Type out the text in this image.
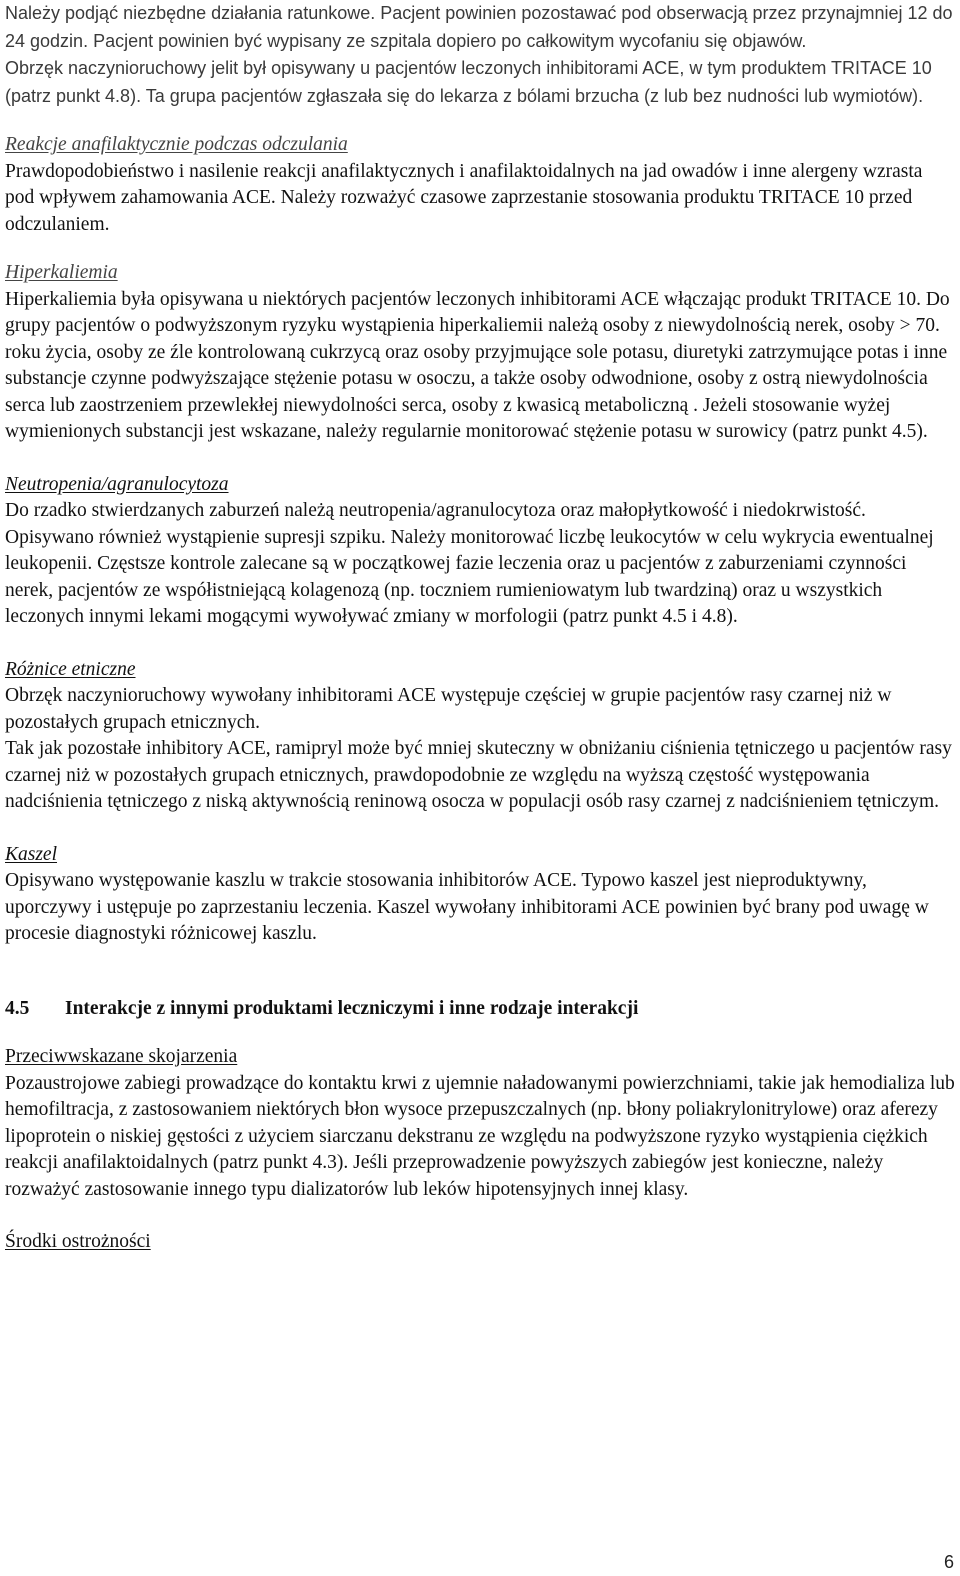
Należy podjąć niezbędne działania ratunkowe. Pacjent powinien pozostawać pod obserwacją przez przynajmniej 12 do 24 godzin. Pacjent powinien być wypisany ze szpitala dopiero po całkowitym wycofaniu się objawów.

Obrzęk naczynioruchowy jelit był opisywany u pacjentów leczonych inhibitorami ACE, w tym produktem TRITACE 10 (patrz punkt 4.8). Ta grupa pacjentów zgłaszała się do lekarza z bólami brzucha (z lub bez nudności lub wymiotów).

Reakcje anafilaktycznie podczas odczulania

Prawdopodobieństwo i nasilenie reakcji anafilaktycznych i anafilaktoidalnych na jad owadów i inne alergeny wzrasta pod wpływem zahamowania ACE. Należy rozważyć czasowe zaprzestanie stosowania produktu TRITACE 10 przed odczulaniem.

Hiperkaliemia

Hiperkaliemia była opisywana u niektórych pacjentów leczonych inhibitorami ACE włączając produkt TRITACE 10. Do grupy pacjentów o podwyższonym ryzyku wystąpienia hiperkaliemii należą osoby z niewydolnością nerek, osoby > 70. roku życia, osoby ze źle kontrolowaną cukrzycą oraz osoby przyjmujące sole potasu, diuretyki zatrzymujące potas i inne substancje czynne podwyższające stężenie potasu w osoczu, a także osoby odwodnione, osoby z ostrą niewydolnościa serca lub zaostrzeniem przewlekłej niewydolności serca, osoby z kwasicą metaboliczną . Jeżeli stosowanie wyżej wymienionych substancji jest wskazane, należy regularnie monitorować stężenie potasu w surowicy (patrz punkt 4.5).

Neutropenia/agranulocytoza

Do rzadko stwierdzanych zaburzeń należą neutropenia/agranulocytoza oraz małopłytkowość i niedokrwistość. Opisywano również wystąpienie supresji szpiku. Należy monitorować liczbę leukocytów w celu wykrycia ewentualnej leukopenii. Częstsze kontrole zalecane są w początkowej fazie leczenia oraz u pacjentów z zaburzeniami czynności nerek, pacjentów ze współistniejącą kolagenozą (np. toczniem rumieniowatym lub twardziną) oraz u wszystkich leczonych innymi lekami mogącymi wywoływać zmiany w morfologii (patrz punkt 4.5 i 4.8).

Różnice etniczne

Obrzęk naczynioruchowy wywołany inhibitorami ACE występuje częściej w grupie pacjentów rasy czarnej niż w pozostałych grupach etnicznych.

Tak jak pozostałe inhibitory ACE, ramipryl może być mniej skuteczny w obniżaniu ciśnienia tętniczego u pacjentów rasy czarnej niż w pozostałych grupach etnicznych, prawdopodobnie ze względu na wyższą częstość występowania nadciśnienia tętniczego z niską aktywnością reninową osocza w populacji osób rasy czarnej z nadciśnieniem tętniczym.

Kaszel

Opisywano występowanie kaszlu w trakcie stosowania inhibitorów ACE. Typowo kaszel jest nieproduktywny, uporczywy i ustępuje po zaprzestaniu leczenia. Kaszel wywołany inhibitorami ACE powinien być brany pod uwagę w procesie diagnostyki różnicowej kaszlu.

4.5	Interakcje z innymi produktami leczniczymi i inne rodzaje interakcji

Przeciwwskazane skojarzenia

Pozaustrojowe zabiegi prowadzące do kontaktu krwi z ujemnie naładowanymi powierzchniami, takie jak hemodializa lub hemofiltracja, z zastosowaniem niektórych błon wysoce przepuszczalnych (np. błony poliakrylonitrylowe) oraz aferezy lipoprotein o niskiej gęstości z użyciem siarczanu dekstranu ze względu na podwyższone ryzyko wystąpienia ciężkich reakcji anafilaktoidalnych (patrz punkt 4.3). Jeśli przeprowadzenie powyższych zabiegów jest konieczne, należy rozważyć zastosowanie innego typu dializatorów lub leków hipotensyjnych innej klasy.

Środki ostrożności

6
